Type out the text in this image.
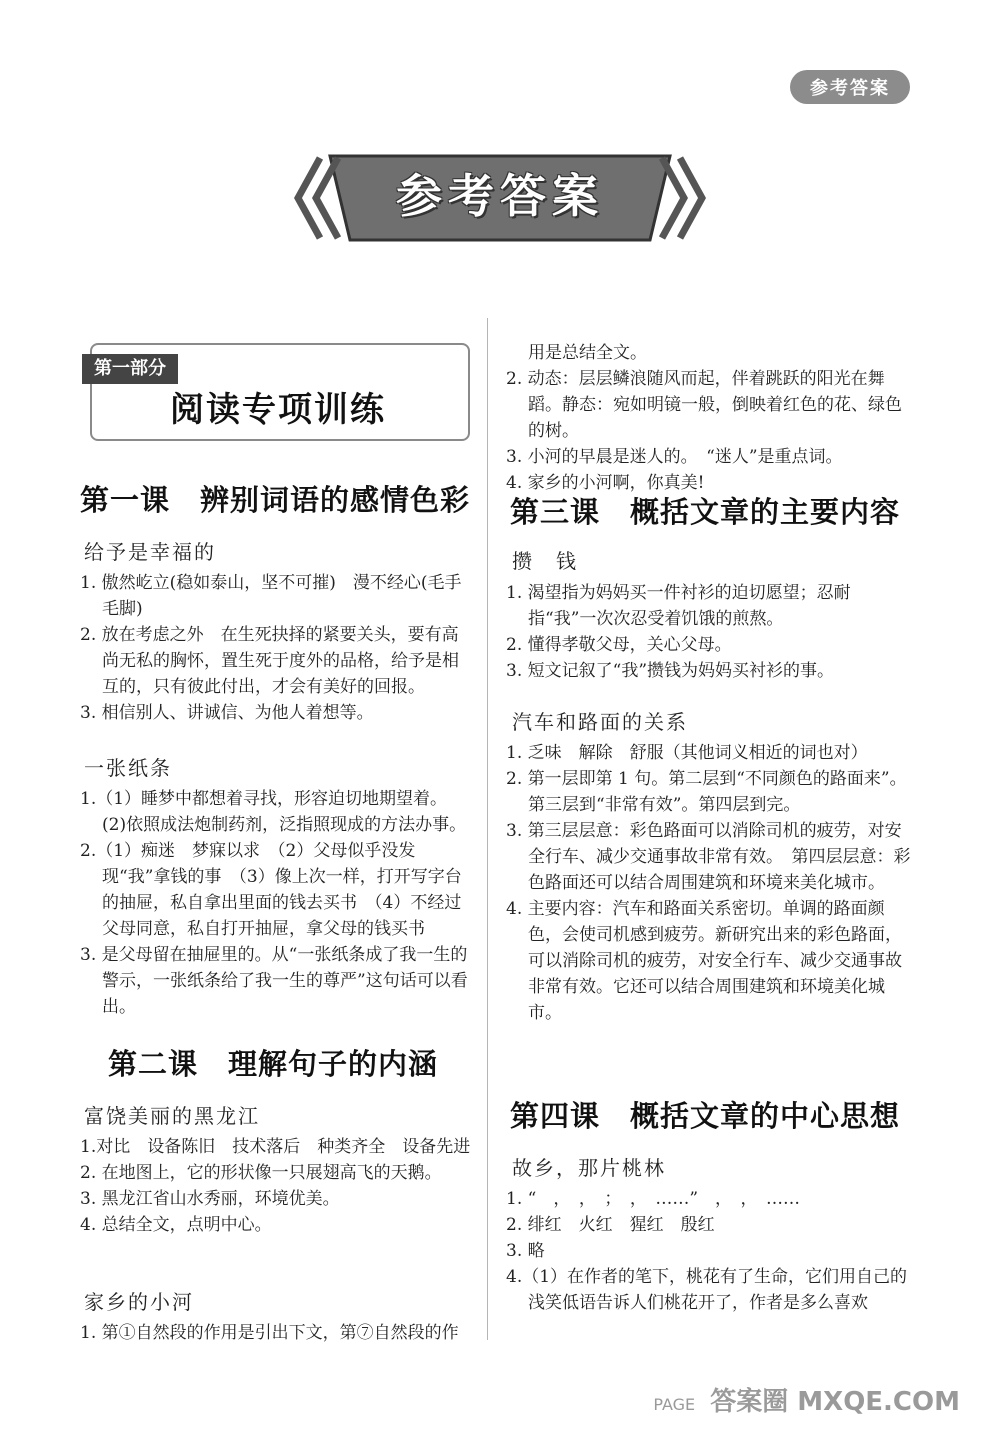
参考答案
参考答案
第一部分
阅读专项训练
第一课　辨别词语的感情色彩
给予是幸福的

1. 傲然屹立(稳如泰山，坚不可摧)　漫不经心(毛手毛脚)

2. 放在考虑之外　在生死抉择的紧要关头，要有高尚无私的胸怀，置生死于度外的品格，给予是相互的，只有彼此付出，才会有美好的回报。

3. 相信别人、讲诚信、为他人着想等。

一张纸条

1.（1）睡梦中都想着寻找，形容迫切地期望着。

(2)依照成法炮制药剂，泛指照现成的方法办事。

2.（1）痴迷　梦寐以求　（2）父母似乎没发现“我”拿钱的事　（3）像上次一样，打开写字台的抽屉，私自拿出里面的钱去买书　（4）不经过父母同意，私自打开抽屉，拿父母的钱买书

3. 是父母留在抽屉里的。从“一张纸条成了我一生的警示，一张纸条给了我一生的尊严”这句话可以看出。

第二课　理解句子的内涵
富饶美丽的黑龙江

1.对比　设备陈旧　技术落后　种类齐全　设备先进

2. 在地图上，它的形状像一只展翅高飞的天鹅。

3. 黑龙江省山水秀丽，环境优美。

4. 总结全文，点明中心。

家乡的小河

1. 第①自然段的作用是引出下文，第⑦自然段的作

用是总结全文。

2. 动态：层层鳞浪随风而起，伴着跳跃的阳光在舞蹈。静态：宛如明镜一般，倒映着红色的花、绿色的树。

3. 小河的早晨是迷人的。　“迷人”是重点词。

4. 家乡的小河啊，你真美!

第三课　概括文章的主要内容
攒　钱

1. 渴望指为妈妈买一件衬衫的迫切愿望；忍耐指“我”一次次忍受着饥饿的煎熬。

2. 懂得孝敬父母，关心父母。

3. 短文记叙了“我”攒钱为妈妈买衬衫的事。

汽车和路面的关系

1. 乏味　解除　舒服（其他词义相近的词也对）

2. 第一层即第 1 句。第二层到“不同颜色的路面来”。第三层到“非常有效”。第四层到完。

3. 第三层层意：彩色路面可以消除司机的疲劳，对安全行车、减少交通事故非常有效。　第四层层意：彩色路面还可以结合周围建筑和环境来美化城市。

4. 主要内容：汽车和路面关系密切。单调的路面颜色，会使司机感到疲劳。新研究出来的彩色路面，可以消除司机的疲劳，对安全行车、减少交通事故非常有效。它还可以结合周围建筑和环境美化城市。

第四课　概括文章的中心思想
故乡，那片桃林

1. “　，　，　；　，　……”　，　，　……

2. 绯红　火红　猩红　殷红

3. 略

4.（1）在作者的笔下，桃花有了生命，它们用自己的浅笑低语告诉人们桃花开了，作者是多么喜欢

PAGE 答案圈 MXQE.COM
